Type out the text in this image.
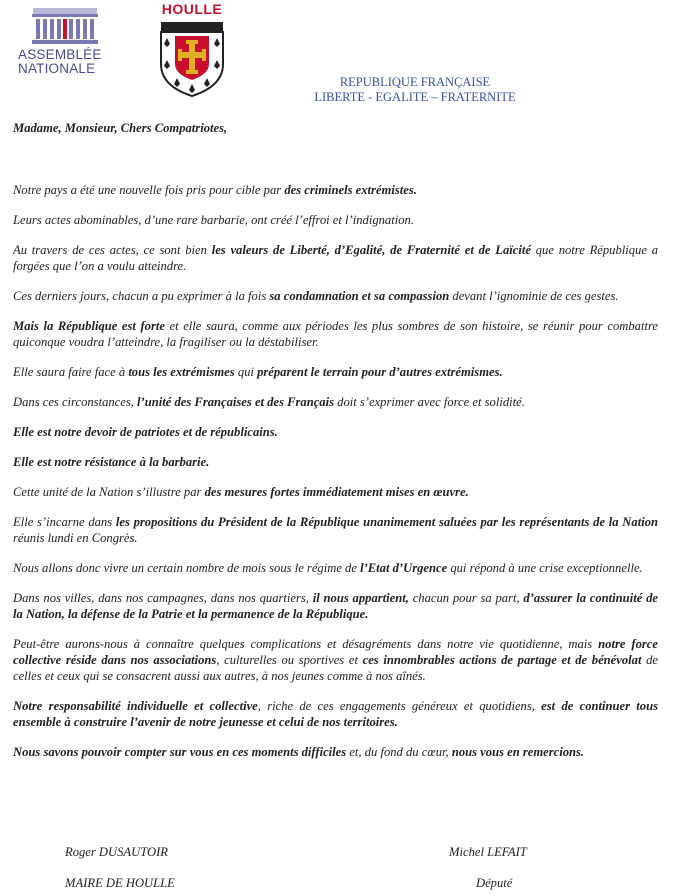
ASSEMBLÉE
NATIONALE
HOULLE
REPUBLIQUE FRANÇAISE
LIBERTE - EGALITE – FRATERNITE

Madame, Monsieur, Chers Compatriotes,

Notre pays a été une nouvelle fois pris pour cible par des criminels extrémistes.

Leurs actes abominables, d’une rare barbarie, ont créé l’effroi et l’indignation.

Au travers de ces actes, ce sont bien les valeurs de Liberté, d’Egalité, de Fraternité et de Laïcité que notre République a forgées que l’on a voulu atteindre.

Ces derniers jours, chacun a pu exprimer à la fois sa condamnation et sa compassion devant l’ignominie de ces gestes.

Mais la République est forte et elle saura, comme aux périodes les plus sombres de son histoire, se réunir pour combattre quiconque voudra l’atteindre, la fragiliser ou la déstabiliser.

Elle saura faire face à tous les extrémismes qui préparent le terrain pour d’autres extrémismes.

Dans ces circonstances, l’unité des Françaises et des Français doit s’exprimer avec force et solidité.

Elle est notre devoir de patriotes et de républicains.

Elle est notre résistance à la barbarie.

Cette unité de la Nation s’illustre par des mesures fortes immédiatement mises en œuvre.

Elle s’incarne dans les propositions du Président de la République unanimement saluées par les représentants de la Nation réunis lundi en Congrès.

Nous allons donc vivre un certain nombre de mois sous le régime de l’Etat d’Urgence qui répond à une crise exceptionnelle.

Dans nos villes, dans nos campagnes, dans nos quartiers, il nous appartient, chacun pour sa part, d’assurer la continuité de la Nation, la défense de la Patrie et la permanence de la République.

Peut-être aurons-nous à connaître quelques complications et désagréments dans notre vie quotidienne, mais notre force collective réside dans nos associations, culturelles ou sportives et ces innombrables actions de partage et de bénévolat de celles et ceux qui se consacrent aussi aux autres, à nos jeunes comme à nos aînés.

Notre responsabilité individuelle et collective, riche de ces engagements généreux et quotidiens, est de continuer tous ensemble à construire l’avenir de notre jeunesse et celui de nos territoires.

Nous savons pouvoir compter sur vous en ces moments difficiles et, du fond du cœur, nous vous en remercions.

Roger DUSAUTOIR
MAIRE DE HOULLE
Michel LEFAIT
Député
